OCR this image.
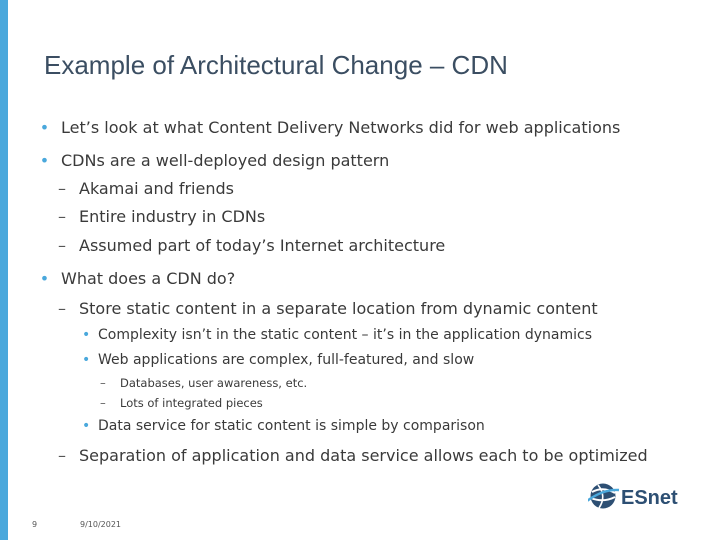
Example of Architectural Change – CDN
• Let’s look at what Content Delivery Networks did for web applications
• CDNs are a well-deployed design pattern
– Akamai and friends
– Entire industry in CDNs
– Assumed part of today’s Internet architecture
• What does a CDN do?
– Store static content in a separate location from dynamic content
• Complexity isn’t in the static content – it’s in the application dynamics
• Web applications are complex, full-featured, and slow
– Databases, user awareness, etc.
– Lots of integrated pieces
• Data service for static content is simple by comparison
– Separation of application and data service allows each to be optimized
ESnet
9	9/10/2021
